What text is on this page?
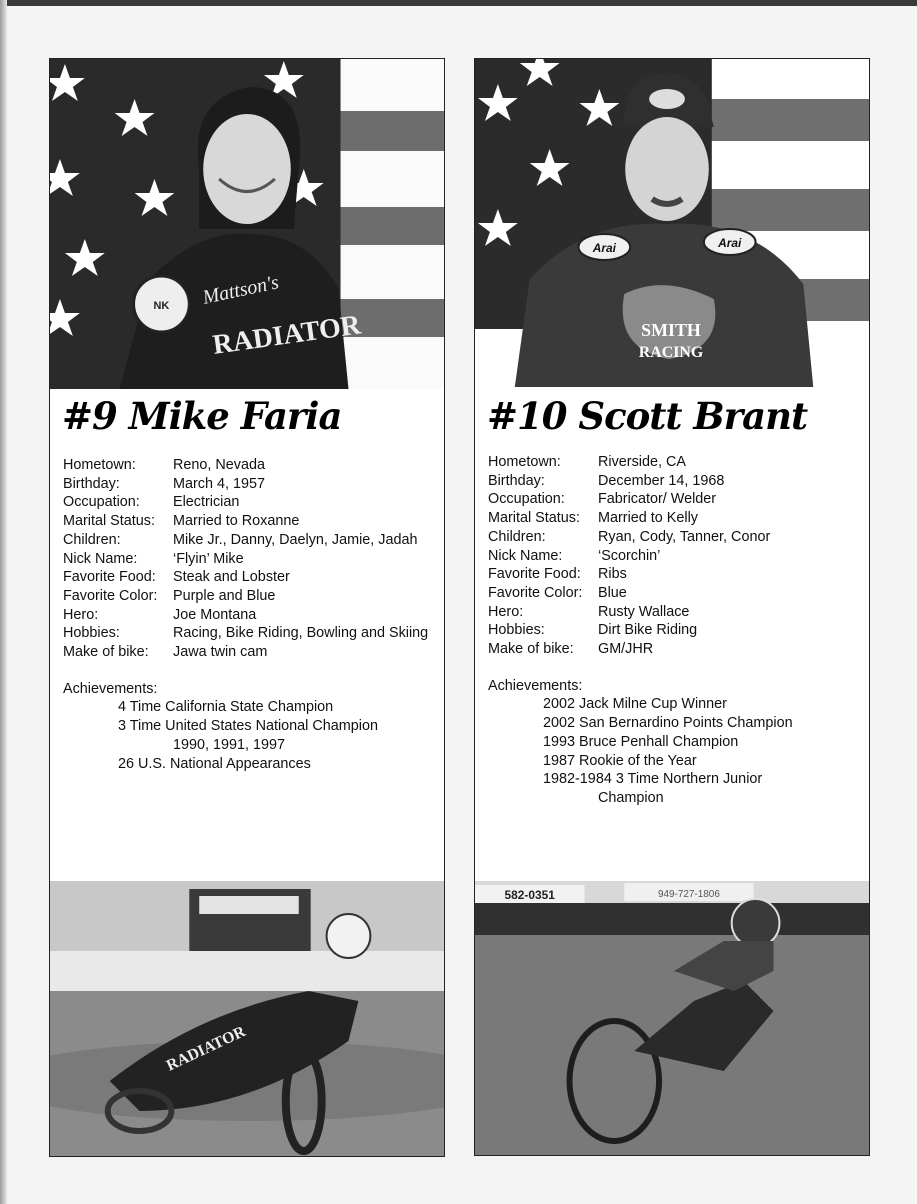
NK Mattson's
RADIATOR
#9 Mike Faria
Hometown:	Reno, Nevada
Birthday:	March 4, 1957
Occupation:	Electrician
Marital Status:	Married to Roxanne
Children:	Mike Jr., Danny, Daelyn, Jamie, Jadah
Nick Name:	‘Flyin’ Mike
Favorite Food:	Steak and Lobster
Favorite Color:	Purple and Blue
Hero:	Joe Montana
Hobbies:	Racing, Bike Riding, Bowling and Skiing
Make of bike:	Jawa twin cam
Achievements:
4 Time California State Champion
3 Time United States National Champion
1990, 1991, 1997
26 U.S. National Appearances
RADIATOR
Arai	Arai
SMITH
RACING
#10 Scott Brant
Hometown:	Riverside, CA
Birthday:	December 14, 1968
Occupation:	Fabricator/ Welder
Marital Status:	Married to Kelly
Children:	Ryan, Cody, Tanner, Conor
Nick Name:	‘Scorchin’
Favorite Food:	Ribs
Favorite Color:	Blue
Hero:	Rusty Wallace
Hobbies:	Dirt Bike Riding
Make of bike:	GM/JHR
Achievements:
2002 Jack Milne Cup Winner
2002 San Bernardino Points Champion
1993 Bruce Penhall Champion
1987 Rookie of the Year
1982-1984 3 Time Northern Junior
Champion
582-0351	949-727-1806
